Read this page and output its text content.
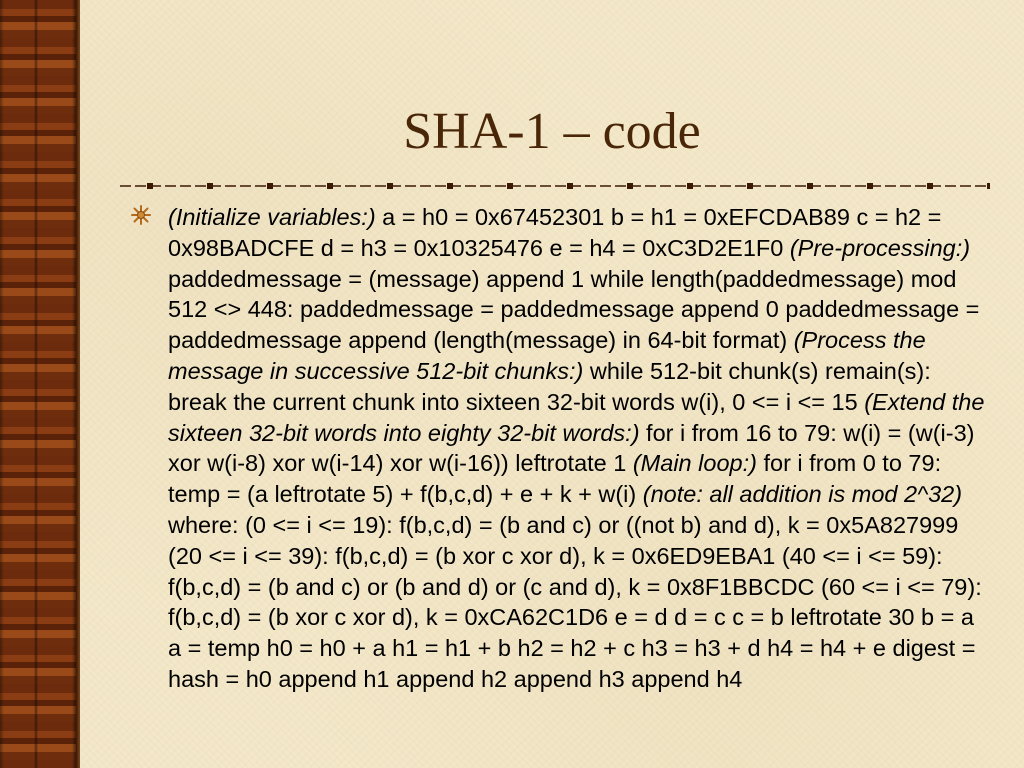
SHA-1 – code

(Initialize variables:) a = h0 = 0x67452301 b = h1 = 0xEFCDAB89 c = h2 = 0x98BADCFE d = h3 = 0x10325476 e = h4 = 0xC3D2E1F0 (Pre-processing:) paddedmessage = (message) append 1 while length(paddedmessage) mod 512 <> 448: paddedmessage = paddedmessage append 0 paddedmessage = paddedmessage append (length(message) in 64-bit format) (Process the message in successive 512-bit chunks:) while 512-bit chunk(s) remain(s): break the current chunk into sixteen 32-bit words w(i), 0 <= i <= 15 (Extend the sixteen 32-bit words into eighty 32-bit words:) for i from 16 to 79: w(i) = (w(i-3) xor w(i-8) xor w(i-14) xor w(i-16)) leftrotate 1 (Main loop:) for i from 0 to 79: temp = (a leftrotate 5) + f(b,c,d) + e + k + w(i) (note: all addition is mod 2^32) where: (0 <= i <= 19): f(b,c,d) = (b and c) or ((not b) and d), k = 0x5A827999 (20 <= i <= 39): f(b,c,d) = (b xor c xor d), k = 0x6ED9EBA1 (40 <= i <= 59): f(b,c,d) = (b and c) or (b and d) or (c and d), k = 0x8F1BBCDC (60 <= i <= 79): f(b,c,d) = (b xor c xor d), k = 0xCA62C1D6 e = d d = c c = b leftrotate 30 b = a a = temp h0 = h0 + a h1 = h1 + b h2 = h2 + c h3 = h3 + d h4 = h4 + e digest = hash = h0 append h1 append h2 append h3 append h4
